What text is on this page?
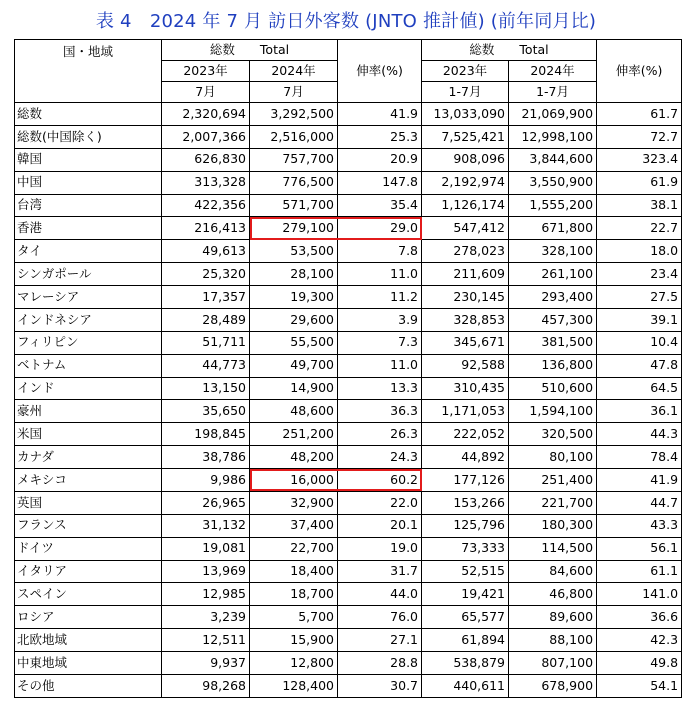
表 4　2024 年 7 月 訪日外客数 (JNTO 推計値) (前年同月比)
国・地域	総数　　Total		伸率(%)	総数　　Total		伸率(%)
	2023年	2024年		2023年	2024年	
	7月	7月		1-7月	1-7月	
総数	2,320,694	3,292,500	41.9	13,033,090	21,069,900	61.7
総数(中国除く)	2,007,366	2,516,000	25.3	7,525,421	12,998,100	72.7
韓国	626,830	757,700	20.9	908,096	3,844,600	323.4
中国	313,328	776,500	147.8	2,192,974	3,550,900	61.9
台湾	422,356	571,700	35.4	1,126,174	1,555,200	38.1
香港	216,413	279,100	29.0	547,412	671,800	22.7
タイ	49,613	53,500	7.8	278,023	328,100	18.0
シンガポール	25,320	28,100	11.0	211,609	261,100	23.4
マレーシア	17,357	19,300	11.2	230,145	293,400	27.5
インドネシア	28,489	29,600	3.9	328,853	457,300	39.1
フィリピン	51,711	55,500	7.3	345,671	381,500	10.4
ベトナム	44,773	49,700	11.0	92,588	136,800	47.8
インド	13,150	14,900	13.3	310,435	510,600	64.5
豪州	35,650	48,600	36.3	1,171,053	1,594,100	36.1
米国	198,845	251,200	26.3	222,052	320,500	44.3
カナダ	38,786	48,200	24.3	44,892	80,100	78.4
メキシコ	9,986	16,000	60.2	177,126	251,400	41.9
英国	26,965	32,900	22.0	153,266	221,700	44.7
フランス	31,132	37,400	20.1	125,796	180,300	43.3
ドイツ	19,081	22,700	19.0	73,333	114,500	56.1
イタリア	13,969	18,400	31.7	52,515	84,600	61.1
スペイン	12,985	18,700	44.0	19,421	46,800	141.0
ロシア	3,239	5,700	76.0	65,577	89,600	36.6
北欧地域	12,511	15,900	27.1	61,894	88,100	42.3
中東地域	9,937	12,800	28.8	538,879	807,100	49.8
その他	98,268	128,400	30.7	440,611	678,900	54.1
